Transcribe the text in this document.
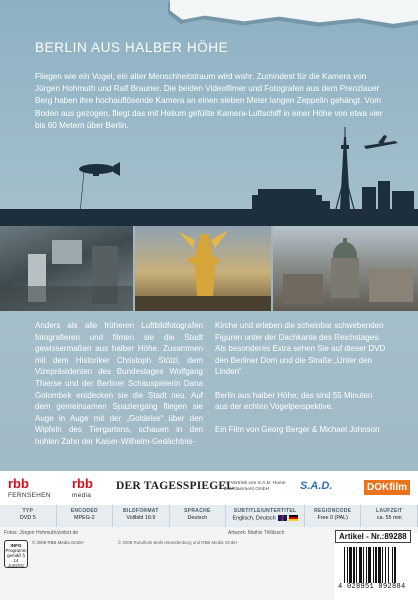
BERLIN AUS HALBER HÖHE

Fliegen wie ein Vogel, ein alter Menschheitstraum wird wahr. Zumindest für die Kamera von Jürgen Hohmuth und Ralf Brauner. Die beiden Videofilmer und Fotografen aus dem Prenzlauer Berg haben ihre hochauflösende Kamera an einen sieben Meter langen Zeppelin gehängt. Vom Boden aus gezogen, fliegt das mit Helium gefüllte Kamera-Luftschiff in einer Höhe von etwa vier bis 60 Metern über Berlin.

Anders als alle früheren Luftbildfotografen fotografieren und filmen sie die Stadt gewissermaßen aus halber Höhe. Zusammen mit dem Historiker Christoph Stölzl, dem Vizepräsidenten des Bundestages Wolfgang Thierse und der Berliner Schauspielerin Dana Golombek entdecken sie die Stadt neu. Auf dem gemeinsamen Spaziergang fliegen sie Auge in Auge mit der „Goldelse“ über den Wipfeln des Tiergartens, schauen in den hohlen Zahn der Kaiser-Wilhelm-Gedächtnis-

Kirche und erleben die scheinbar schwebenden Figuren unter der Dachkante des Reichstages. Als besonderes Extra sehen Sie auf dieser DVD den Berliner Dom und die Straße „Unter den Linden“.

Berlin aus halber Höhe, das sind 55 Minuten aus der echten Vogelperspektive.

Ein Film von Georg Berger & Michael Johnson

rbb
FERNSEHEN
rbb
media
DER TAGESSPIEGEL
Im Vertrieb von S.A.D. Home Entertainment GmbH	S.A.D.	DOKfilm
TYP
DVD 5
ENCODED
MPEG-2
BILDFORMAT
Vollbild 16:9
SPRACHE
Deutsch
SUBTITLE/UNTERTITEL
Englisch, Deutsch
REGIONCODE
Free 0 (PAL)
LAUFZEIT
ca. 55 min
Fotos: Jürgen Hohmuth/zeitort.de	Artwork: Mathis Trillitzsch
INFO
Programm gemäß § 14 JuSchG
© 2009 RBB Media GmbH	© 2008 Rundfunk Berlin-Brandenburg und RBB Media GmbH
4 028951 892884
Artikel - Nr.:89288
